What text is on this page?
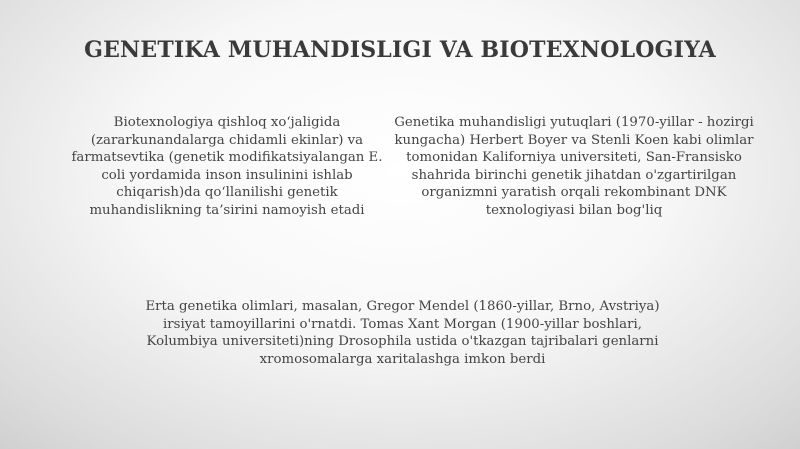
GENETIKA MUHANDISLIGI VA BIOTEXNOLOGIYA

Biotexnologiya qishloq xo‘jaligida (zararkunandalarga chidamli ekinlar) va farmatsevtika (genetik modifikatsiyalangan E. coli yordamida inson insulinini ishlab chiqarish)da qo‘llanilishi genetik muhandislikning ta’sirini namoyish etadi

Genetika muhandisligi yutuqlari (1970-yillar - hozirgi kungacha) Herbert Boyer va Stenli Koen kabi olimlar tomonidan Kaliforniya universiteti, San-Fransisko shahrida birinchi genetik jihatdan o'zgartirilgan organizmni yaratish orqali rekombinant DNK texnologiyasi bilan bog'liq

Erta genetika olimlari, masalan, Gregor Mendel (1860-yillar, Brno, Avstriya) irsiyat tamoyillarini o'rnatdi. Tomas Xant Morgan (1900-yillar boshlari, Kolumbiya universiteti)ning Drosophila ustida o'tkazgan tajribalari genlarni xromosomalarga xaritalashga imkon berdi
